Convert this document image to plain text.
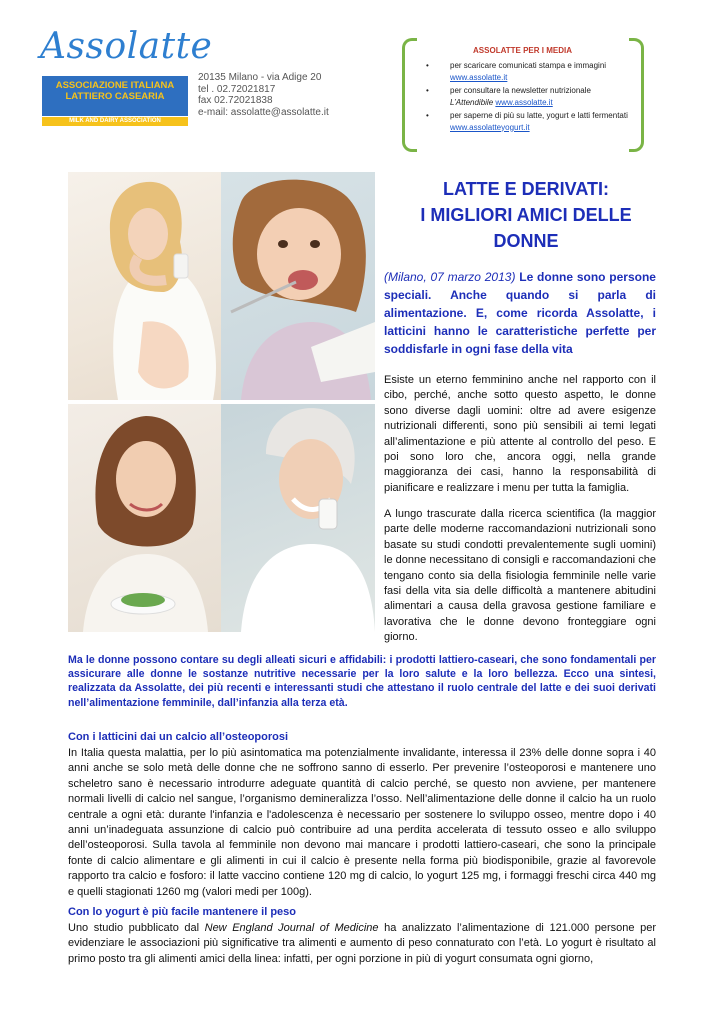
Assolatte
ASSOCIAZIONE ITALIANA
LATTIERO CASEARIA
MILK AND DAIRY ASSOCIATION
20135 Milano - via Adige 20
tel . 02.72021817
fax 02.72021838
e-mail: assolatte@assolatte.it
ASSOLATTE PER I MEDIA
•	per scaricare comunicati stampa e immagini
www.assolatte.it
•	per consultare la newsletter nutrizionale
L’Attendibile www.assolatte.it
•	per saperne di più su latte, yogurt e latti fermentati www.assolatteyogurt.it
LATTE E DERIVATI:
I MIGLIORI AMICI DELLE
DONNE
(Milano, 07 marzo 2013) Le donne sono persone speciali. Anche quando si parla di alimentazione. E, come ricorda Assolatte, i latticini hanno le caratteristiche perfette per soddisfarle in ogni fase della vita
Esiste un eterno femminino anche nel rapporto con il cibo, perché, anche sotto questo aspetto, le donne sono diverse dagli uomini: oltre ad avere esigenze nutrizionali differenti, sono più sensibili ai temi legati all’alimentazione e più attente al controllo del peso. E poi sono loro che, ancora oggi, nella grande maggioranza dei casi, hanno la responsabilità di pianificare e realizzare i menu per tutta la famiglia.
A lungo trascurate dalla ricerca scientifica (la maggior parte delle moderne raccomandazioni nutrizionali sono basate su studi condotti prevalentemente sugli uomini) le donne necessitano di consigli e raccomandazioni che tengano conto sia della fisiologia femminile nelle varie fasi della vita sia delle difficoltà a mantenere abitudini alimentari a causa della gravosa gestione familiare e lavorativa che le donne devono fronteggiare ogni giorno.
Ma le donne possono contare su degli alleati sicuri e affidabili: i prodotti lattiero-caseari, che sono fondamentali per assicurare alle donne le sostanze nutritive necessarie per la loro salute e la loro bellezza. Ecco una sintesi, realizzata da Assolatte, dei più recenti e interessanti studi che attestano il ruolo centrale del latte e dei suoi derivati nell’alimentazione femminile, dall’infanzia alla terza età.
Con i latticini dai un calcio all’osteoporosi
In Italia questa malattia, per lo più asintomatica ma potenzialmente invalidante, interessa il 23% delle donne sopra i 40 anni anche se solo metà delle donne che ne soffrono sanno di esserlo. Per prevenire l’osteoporosi e mantenere uno scheletro sano è necessario introdurre adeguate quantità di calcio perché, se questo non avviene, per mantenere normali livelli di calcio nel sangue, l’organismo demineralizza l’osso. Nell’alimentazione delle donne il calcio ha un ruolo centrale a ogni età: durante l'infanzia e l'adolescenza è necessario per sostenere lo sviluppo osseo, mentre dopo i 40 anni un’inadeguata assunzione di calcio può contribuire ad una perdita accelerata di tessuto osseo e allo sviluppo dell’osteoporosi. Sulla tavola al femminile non devono mai mancare i prodotti lattiero-caseari, che sono la principale fonte di calcio alimentare e gli alimenti in cui il calcio è presente nella forma più biodisponibile, grazie al favorevole rapporto tra calcio e fosforo: il latte vaccino contiene 120 mg di calcio, lo yogurt 125 mg, i formaggi freschi circa 440 mg e quelli stagionati 1260 mg (valori medi per 100g).
Con lo yogurt è più facile mantenere il peso
Uno studio pubblicato dal New England Journal of Medicine ha analizzato l’alimentazione di 121.000 persone per evidenziare le associazioni più significative tra alimenti e aumento di peso connaturato con l’età. Lo yogurt è risultato al primo posto tra gli alimenti amici della linea: infatti, per ogni porzione in più di yogurt consumata ogni giorno,
